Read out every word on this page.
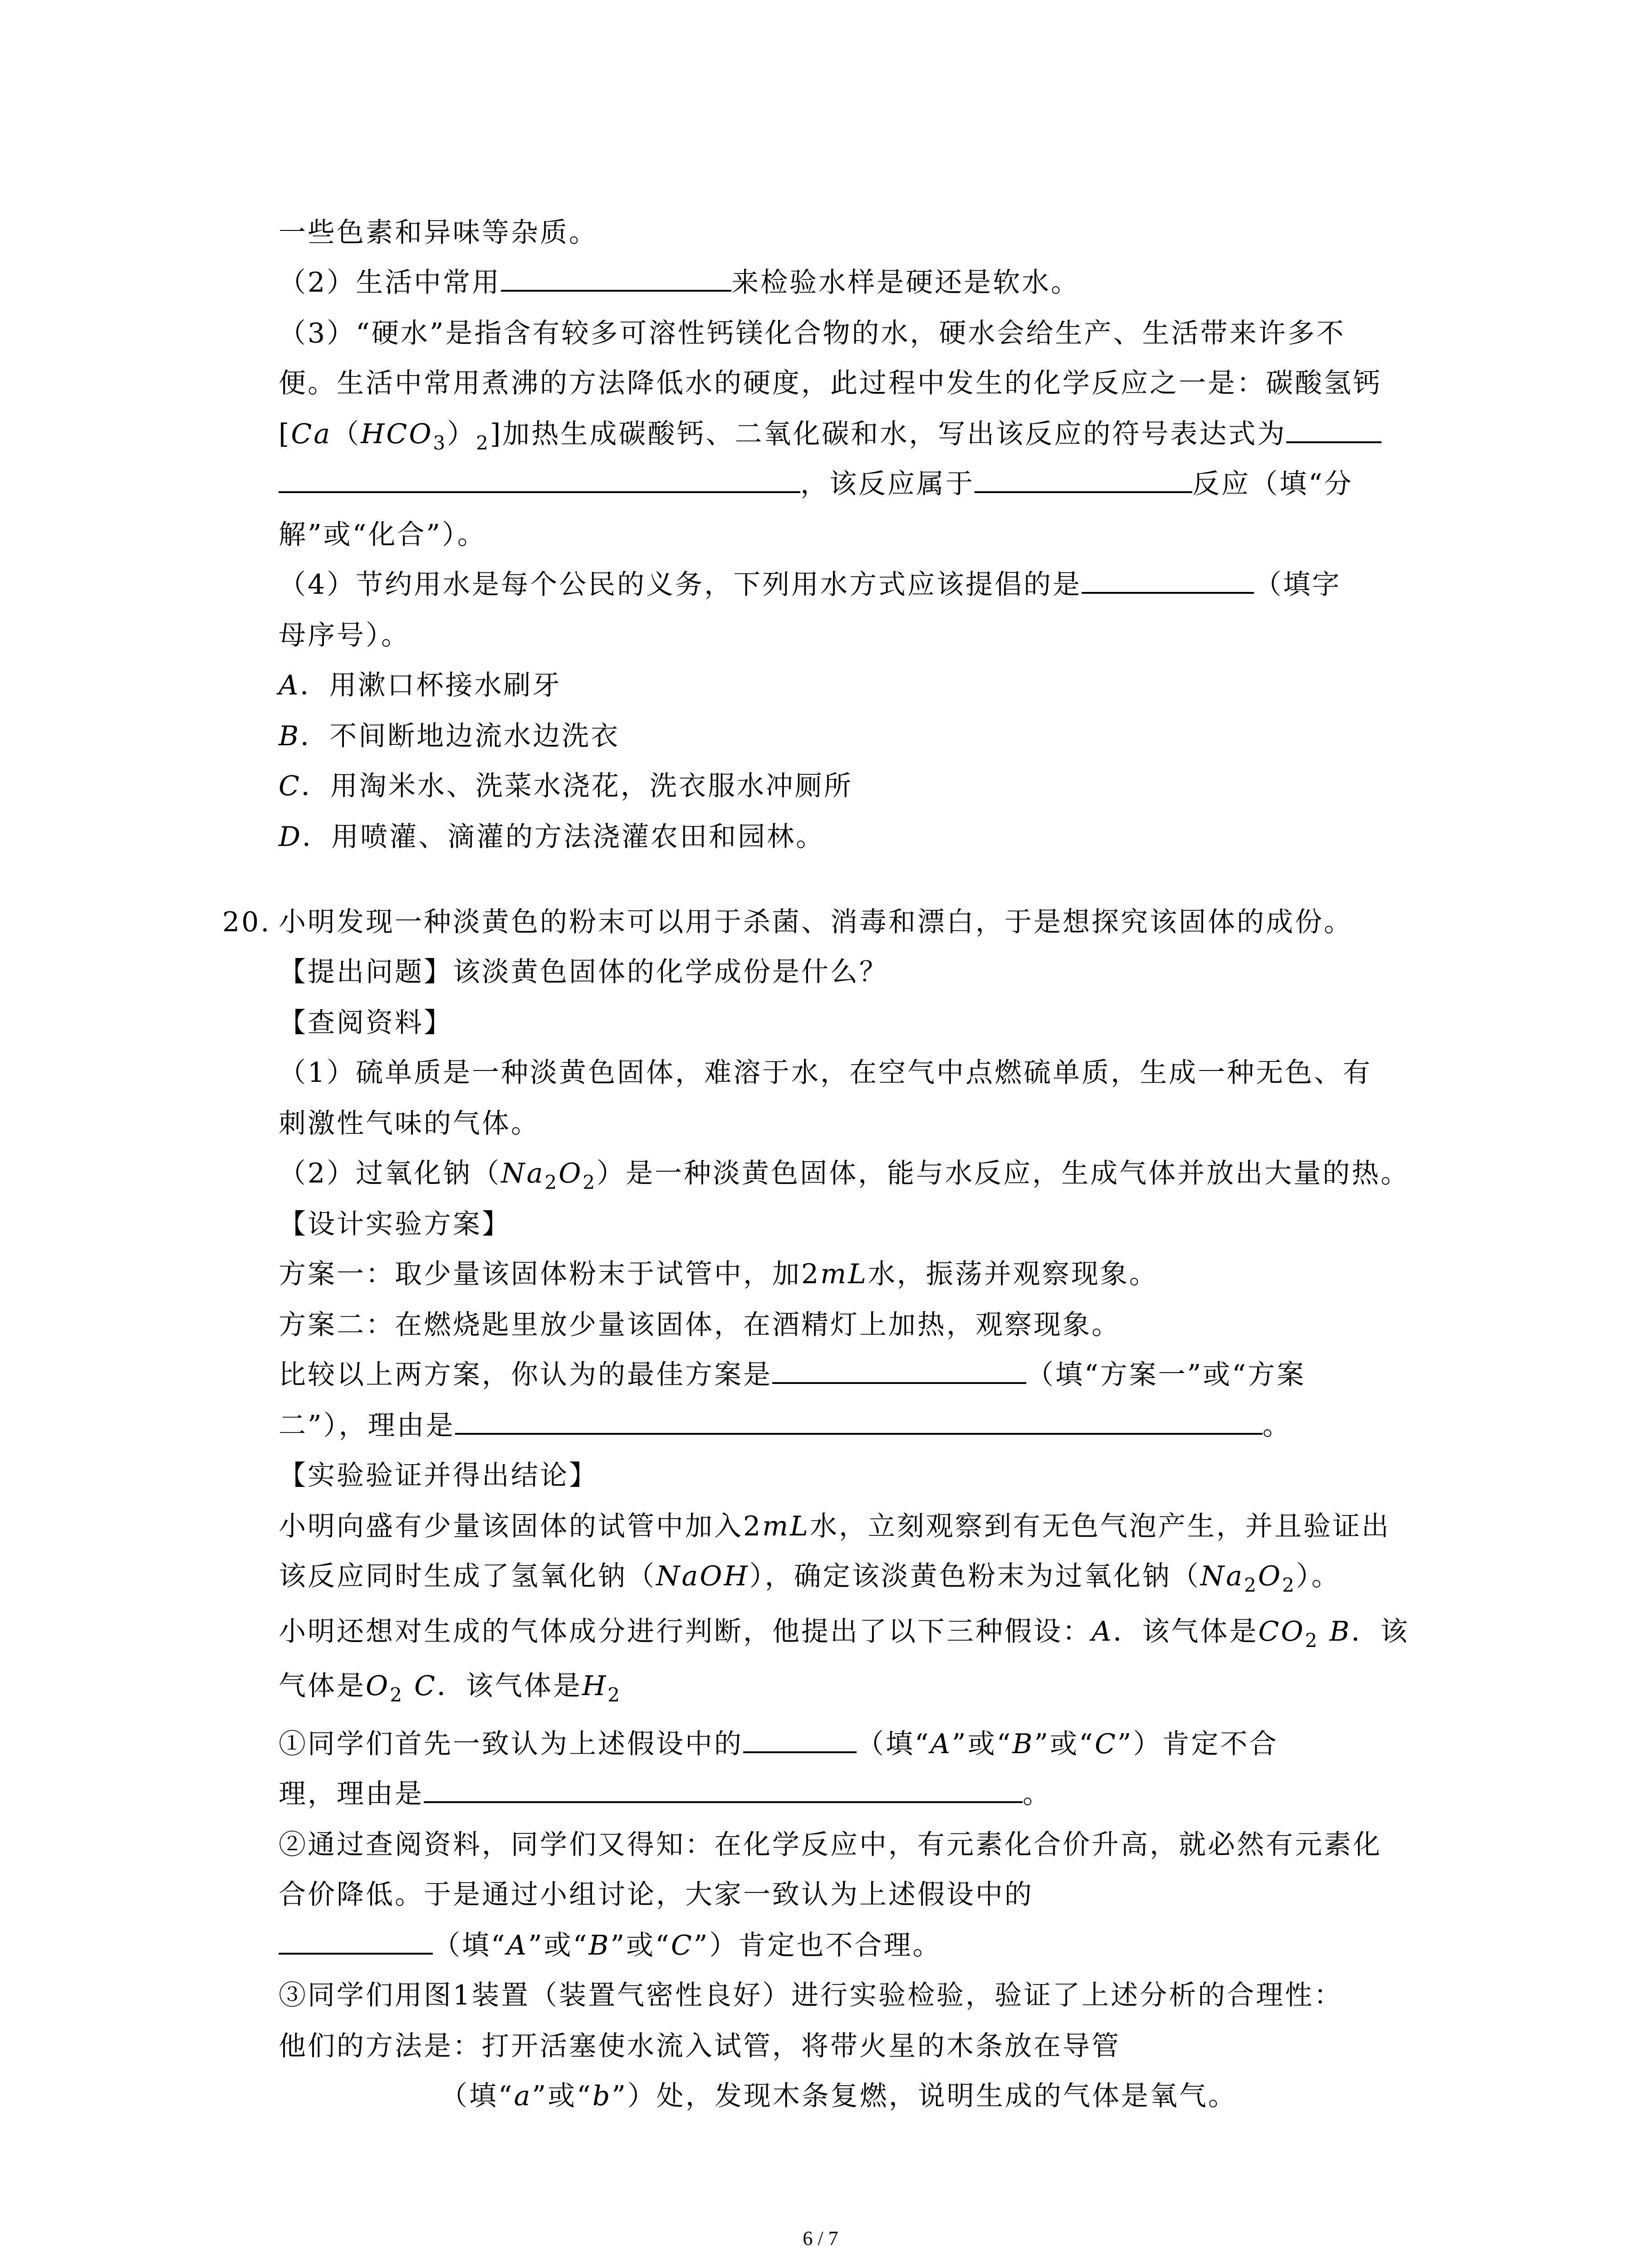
一些色素和异味等杂质。
（2）生活中常用	来检验水样是硬还是软水。
（3）“硬水”是指含有较多可溶性钙镁化合物的水，硬水会给生产、生活带来许多不
便。生活中常用煮沸的方法降低水的硬度，此过程中发生的化学反应之一是：碳酸氢钙
$[Ca(HCO_3)_2]$加热生成碳酸钙、二氧化碳和水，写出该反应的符号表达式为
，该反应属于	反应（填“分
解”或“化合”）。
（4）节约用水是每个公民的义务，下列用水方式应该提倡的是	（填字
母序号）。
A．用漱口杯接水刷牙
B．不间断地边流水边洗衣
C．用淘米水、洗菜水浇花，洗衣服水冲厕所
D．用喷灌、滴灌的方法浇灌农田和园林。
20. 小明发现一种淡黄色的粉末可以用于杀菌、消毒和漂白，于是想探究该固体的成份。
【提出问题】该淡黄色固体的化学成份是什么？
【查阅资料】
（1）硫单质是一种淡黄色固体，难溶于水，在空气中点燃硫单质，生成一种无色、有
刺激性气味的气体。
（2）过氧化钠$(Na_2O_2)$是一种淡黄色固体，能与水反应，生成气体并放出大量的热。
【设计实验方案】
方案一：取少量该固体粉末于试管中，加2mL水，振荡并观察现象。
方案二：在燃烧匙里放少量该固体，在酒精灯上加热，观察现象。
比较以上两方案，你认为的最佳方案是	（填“方案一”或“方案
二”），理由是	。
【实验验证并得出结论】
小明向盛有少量该固体的试管中加入2mL水，立刻观察到有无色气泡产生，并且验证出
该反应同时生成了氢氧化钠（NaOH），确定该淡黄色粉末为过氧化钠$(Na_2O_2)$。
小明还想对生成的气体成分进行判断，他提出了以下三种假设：A．该气体是$CO_2$ B．该
气体是$O_2$ C．该气体是$H_2$
①同学们首先一致认为上述假设中的	（填“A”或“B”或“C”）肯定不合
理，理由是	。
②通过查阅资料，同学们又得知：在化学反应中，有元素化合价升高，就必然有元素化
合价降低。于是通过小组讨论，大家一致认为上述假设中的
（填“A”或“B”或“C”）肯定也不合理。
③同学们用图1装置（装置气密性良好）进行实验检验，验证了上述分析的合理性：
他们的方法是：打开活塞使水流入试管，将带火星的木条放在导管
（填“a”或“b”）处，发现木条复燃，说明生成的气体是氧气。
6 / 7
